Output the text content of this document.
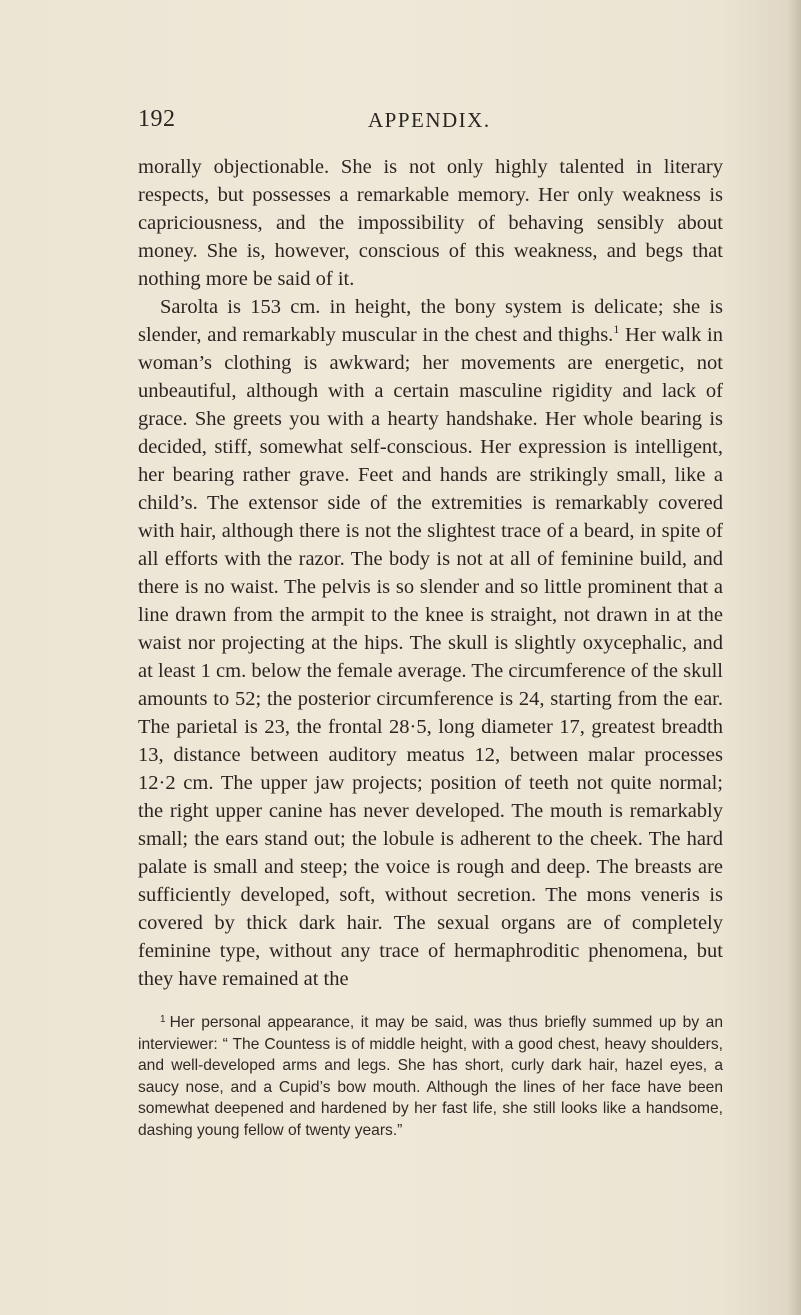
192	APPENDIX.

morally objectionable. She is not only highly talented in literary respects, but possesses a remarkable memory. Her only weakness is capriciousness, and the impossibility of behaving sensibly about money. She is, however, conscious of this weakness, and begs that nothing more be said of it.

Sarolta is 153 cm. in height, the bony system is delicate; she is slender, and remarkably muscular in the chest and thighs.$^1$ Her walk in woman’s clothing is awkward; her movements are energetic, not unbeautiful, although with a certain masculine rigidity and lack of grace. She greets you with a hearty handshake. Her whole bearing is decided, stiff, somewhat self-conscious. Her expression is intelligent, her bearing rather grave. Feet and hands are strikingly small, like a child’s. The extensor side of the extremities is remarkably covered with hair, although there is not the slightest trace of a beard, in spite of all efforts with the razor. The body is not at all of feminine build, and there is no waist. The pelvis is so slender and so little prominent that a line drawn from the armpit to the knee is straight, not drawn in at the waist nor projecting at the hips. The skull is slightly oxycephalic, and at least 1 cm. below the female average. The circumference of the skull amounts to 52; the posterior circumference is 24, starting from the ear. The parietal is 23, the frontal 28·5, long diameter 17, greatest breadth 13, distance between auditory meatus 12, between malar processes 12·2 cm. The upper jaw projects; position of teeth not quite normal; the right upper canine has never developed. The mouth is remarkably small; the ears stand out; the lobule is adherent to the cheek. The hard palate is small and steep; the voice is rough and deep. The breasts are sufficiently developed, soft, without secretion. The mons veneris is covered by thick dark hair. The sexual organs are of completely feminine type, without any trace of hermaphroditic phenomena, but they have remained at the

$^1$ Her personal appearance, it may be said, was thus briefly summed up by an interviewer: “ The Countess is of middle height, with a good chest, heavy shoulders, and well-developed arms and legs. She has short, curly dark hair, hazel eyes, a saucy nose, and a Cupid’s bow mouth. Although the lines of her face have been somewhat deepened and hardened by her fast life, she still looks like a handsome, dashing young fellow of twenty years.”
